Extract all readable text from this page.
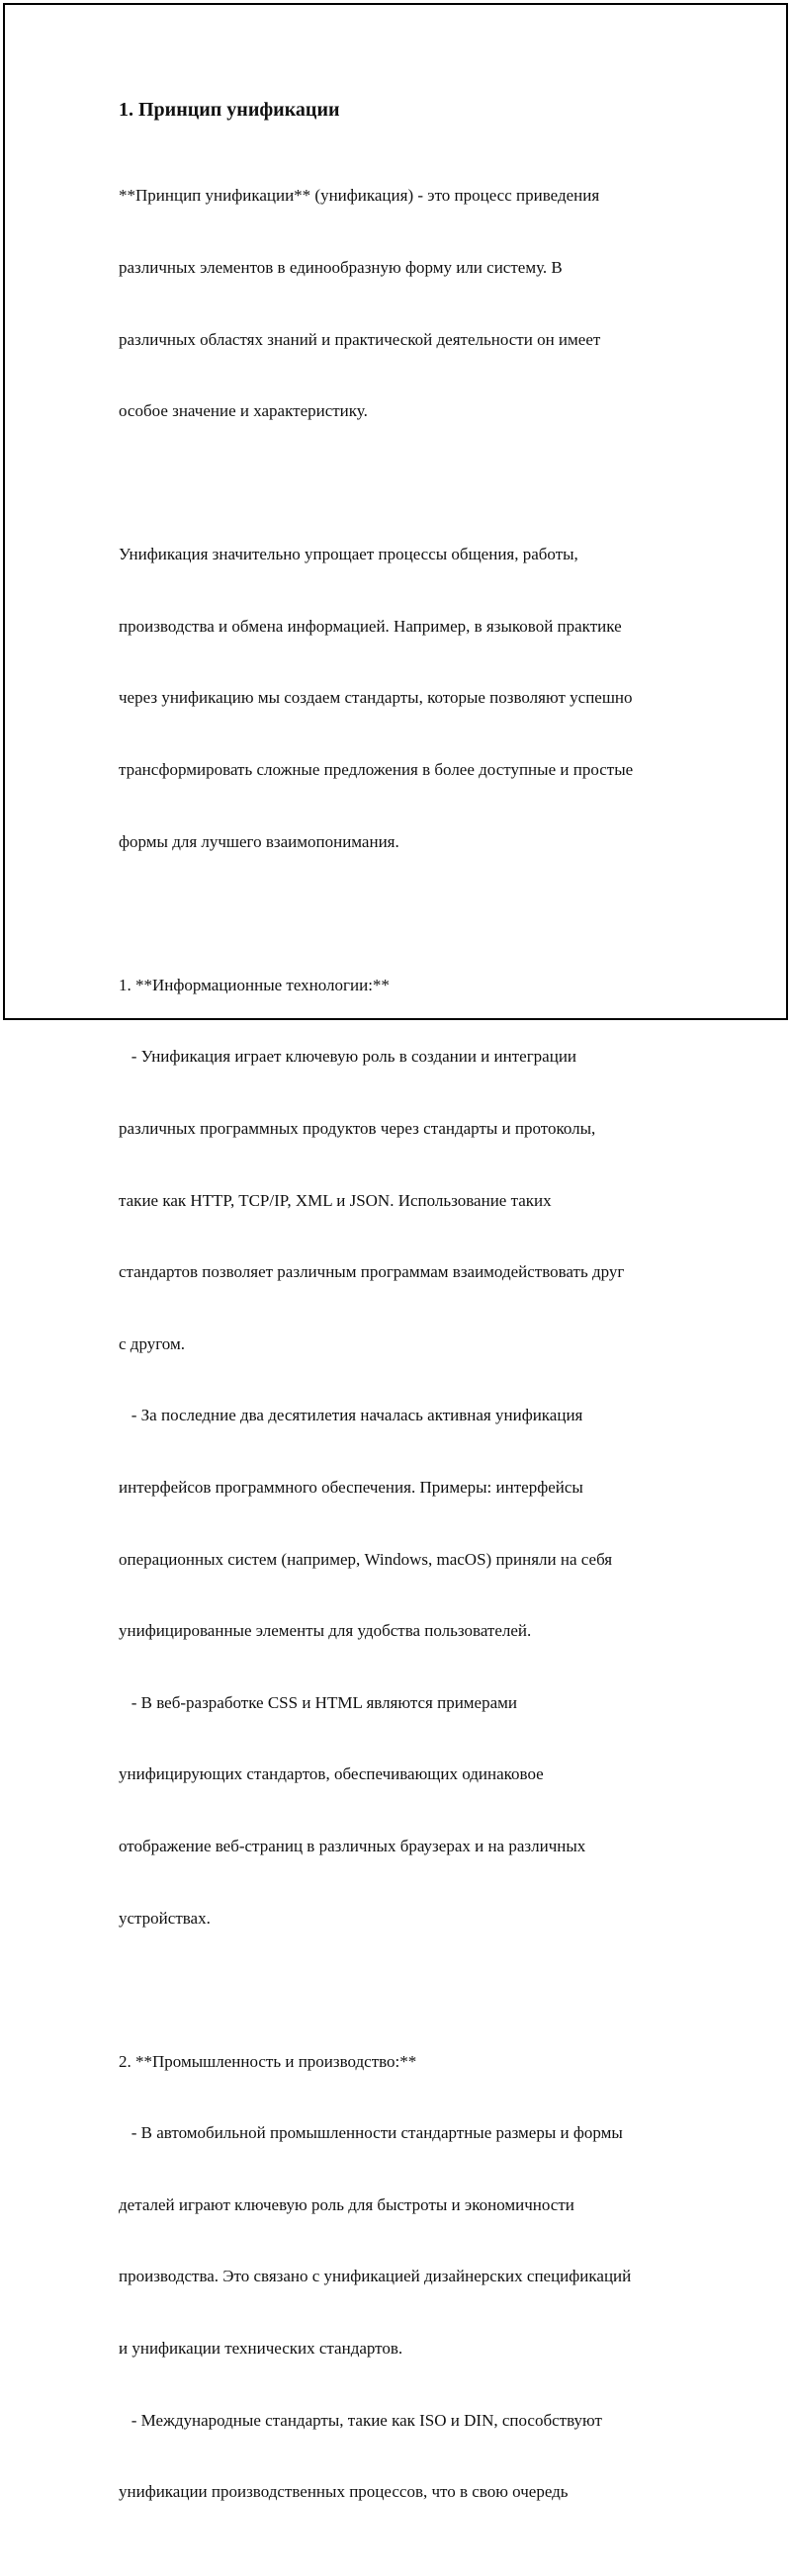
1. Принцип унификации

**Принцип унификации** (унификация) - это процесс приведения

различных элементов в единообразную форму или систему. В

различных областях знаний и практической деятельности он имеет

особое значение и характеристику.

Унификация значительно упрощает процессы общения, работы,

производства и обмена информацией. Например, в языковой практике

через унификацию мы создаем стандарты, которые позволяют успешно

трансформировать сложные предложения в более доступные и простые

формы для лучшего взаимопонимания.

1. **Информационные технологии:**

- Унификация играет ключевую роль в создании и интеграции

различных программных продуктов через стандарты и протоколы,

такие как HTTP, TCP/IP, XML и JSON. Использование таких

стандартов позволяет различным программам взаимодействовать друг

с другом.

- За последние два десятилетия началась активная унификация

интерфейсов программного обеспечения. Примеры: интерфейсы

операционных систем (например, Windows, macOS) приняли на себя

унифицированные элементы для удобства пользователей.

- В веб-разработке CSS и HTML являются примерами

унифицирующих стандартов, обеспечивающих одинаковое

отображение веб-страниц в различных браузерах и на различных

устройствах.

2. **Промышленность и производство:**

- В автомобильной промышленности стандартные размеры и формы

деталей играют ключевую роль для быстроты и экономичности

производства. Это связано с унификацией дизайнерских спецификаций

и унификации технических стандартов.

- Международные стандарты, такие как ISO и DIN, способствуют

унификации производственных процессов, что в свою очередь
